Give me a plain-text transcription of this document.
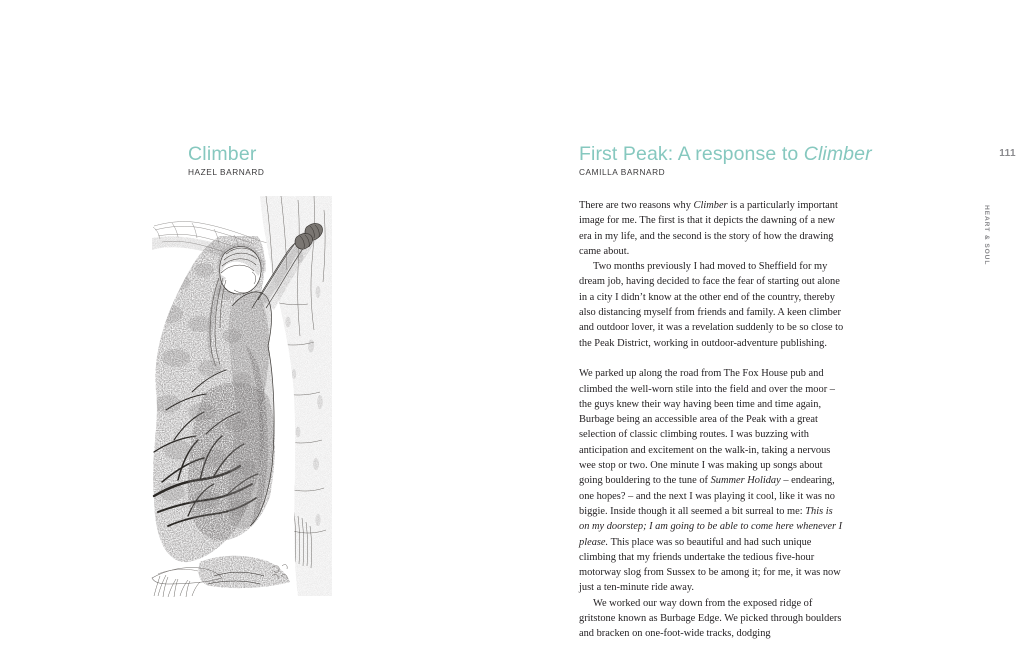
Climber
HAZEL BARNARD
First Peak: A response to Climber
CAMILLA BARNARD
111
HEART & SOUL

There are two reasons why Climber is a particularly important image for me. The first is that it depicts the dawning of a new era in my life, and the second is the story of how the drawing came about.

Two months previously I had moved to Sheffield for my dream job, having decided to face the fear of starting out alone in a city I didn’t know at the other end of the country, thereby also distancing myself from friends and family. A keen climber and outdoor lover, it was a revelation suddenly to be so close to the Peak District, working in outdoor-adventure publishing.

We parked up along the road from The Fox House pub and climbed the well-worn stile into the field and over the moor – the guys knew their way having been time and time again, Burbage being an accessible area of the Peak with a great selection of classic climbing routes. I was buzzing with anticipation and excitement on the walk-in, taking a nervous wee stop or two. One minute I was making up songs about going bouldering to the tune of Summer Holiday – endearing, one hopes? – and the next I was playing it cool, like it was no biggie. Inside though it all seemed a bit surreal to me: This is on my doorstep; I am going to be able to come here whenever I please. This place was so beautiful and had such unique climbing that my friends undertake the tedious five-hour motorway slog from Sussex to be among it; for me, it was now just a ten-minute ride away.

We worked our way down from the exposed ridge of gritstone known as Burbage Edge. We picked through boulders and bracken on one-foot-wide tracks, dodging
